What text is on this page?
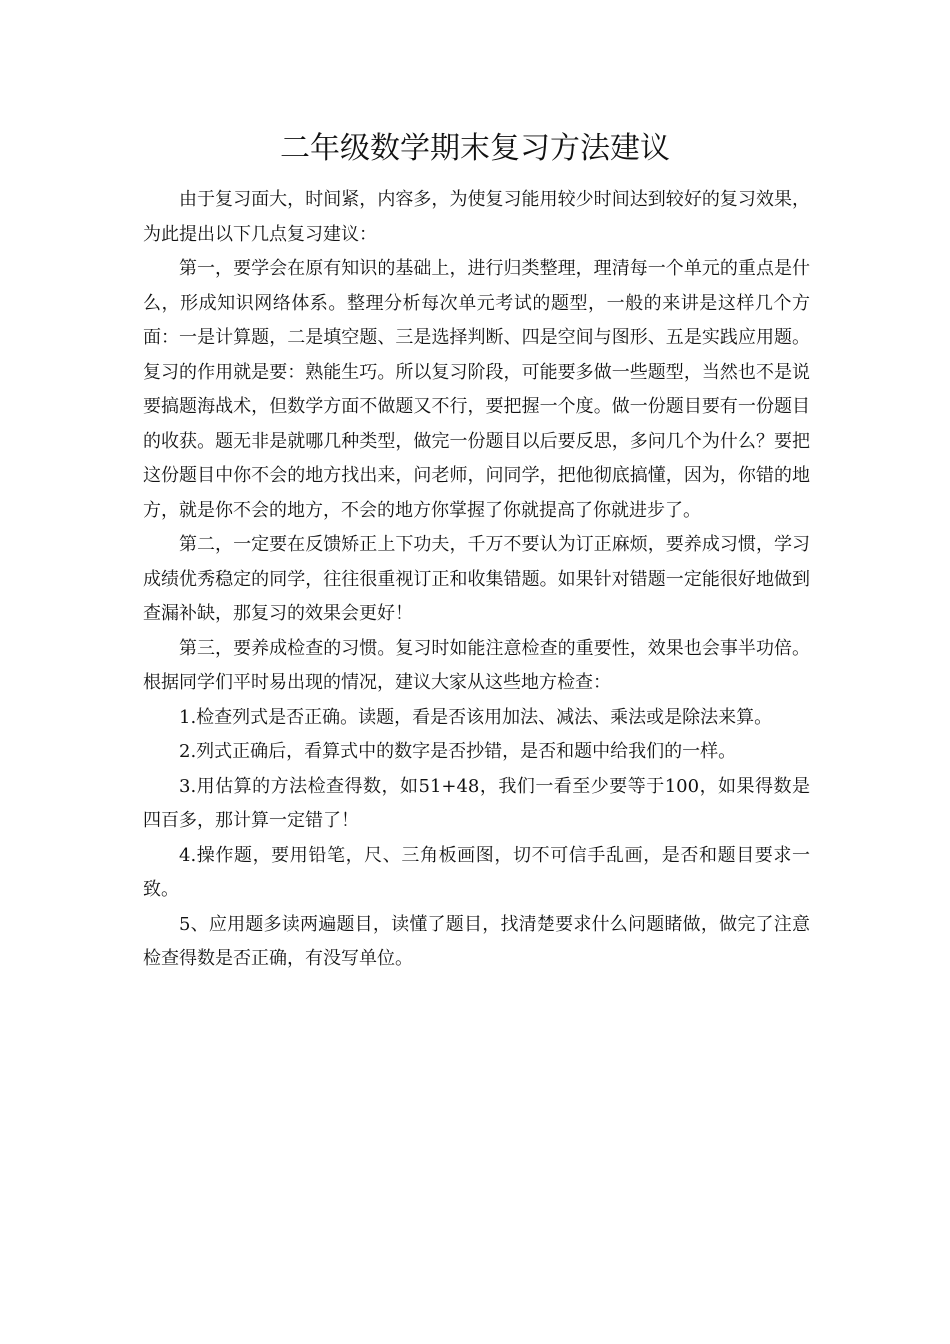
二年级数学期末复习方法建议

由于复习面大，时间紧，内容多，为使复习能用较少时间达到较好的复习效果，为此提出以下几点复习建议：

第一，要学会在原有知识的基础上，进行归类整理，理清每一个单元的重点是什么，形成知识网络体系。整理分析每次单元考试的题型，一般的来讲是这样几个方面：一是计算题，二是填空题、三是选择判断、四是空间与图形、五是实践应用题。复习的作用就是要：熟能生巧。所以复习阶段，可能要多做一些题型，当然也不是说要搞题海战术，但数学方面不做题又不行，要把握一个度。做一份题目要有一份题目的收获。题无非是就哪几种类型，做完一份题目以后要反思，多问几个为什么？要把这份题目中你不会的地方找出来，问老师，问同学，把他彻底搞懂，因为，你错的地方，就是你不会的地方，不会的地方你掌握了你就提高了你就进步了。

第二，一定要在反馈矫正上下功夫，千万不要认为订正麻烦，要养成习惯，学习成绩优秀稳定的同学，往往很重视订正和收集错题。如果针对错题一定能很好地做到查漏补缺，那复习的效果会更好！

第三，要养成检查的习惯。复习时如能注意检查的重要性，效果也会事半功倍。根据同学们平时易出现的情况，建议大家从这些地方检查：

1.检查列式是否正确。读题，看是否该用加法、减法、乘法或是除法来算。

2.列式正确后，看算式中的数字是否抄错，是否和题中给我们的一样。

3.用估算的方法检查得数，如51+48，我们一看至少要等于100，如果得数是四百多，那计算一定错了！

4.操作题，要用铅笔，尺、三角板画图，切不可信手乱画，是否和题目要求一致。

5、应用题多读两遍题目，读懂了题目，找清楚要求什么问题睹做，做完了注意检查得数是否正确，有没写单位。
